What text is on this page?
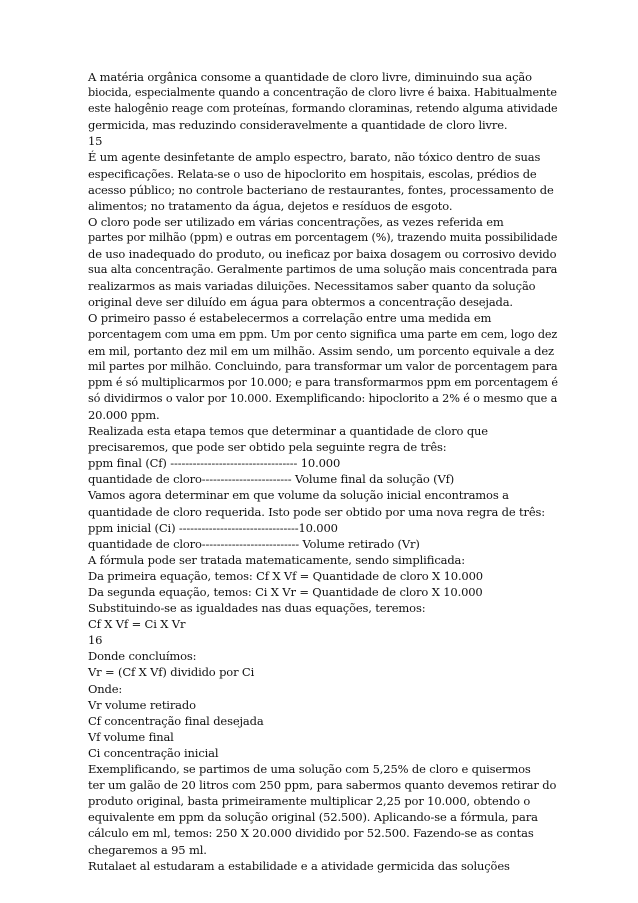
A matéria orgânica consome a quantidade de cloro livre, diminuindo sua ação
biocida, especialmente quando a concentração de cloro livre é baixa. Habitualmente
este halogênio reage com proteínas, formando cloraminas, retendo alguma atividade
germicida, mas reduzindo consideravelmente a quantidade de cloro livre.
15
É um agente desinfetante de amplo espectro, barato, não tóxico dentro de suas
especificações. Relata-se o uso de hipoclorito em hospitais, escolas, prédios de
acesso público; no controle bacteriano de restaurantes, fontes, processamento de
alimentos; no tratamento da água, dejetos e resíduos de esgoto.
O cloro pode ser utilizado em várias concentrações, as vezes referida em
partes por milhão (ppm) e outras em porcentagem (%), trazendo muita possibilidade
de uso inadequado do produto, ou ineficaz por baixa dosagem ou corrosivo devido
sua alta concentração. Geralmente partimos de uma solução mais concentrada para
realizarmos as mais variadas diluições. Necessitamos saber quanto da solução
original deve ser diluído em água para obtermos a concentração desejada.
O primeiro passo é estabelecermos a correlação entre uma medida em
porcentagem com uma em ppm. Um por cento significa uma parte em cem, logo dez
em mil, portanto dez mil em um milhão. Assim sendo, um porcento equivale a dez
mil partes por milhão. Concluindo, para transformar um valor de porcentagem para
ppm é só multiplicarmos por 10.000; e para transformarmos ppm em porcentagem é
só dividirmos o valor por 10.000. Exemplificando: hipoclorito a 2% é o mesmo que a
20.000 ppm.
Realizada esta etapa temos que determinar a quantidade de cloro que
precisaremos, que pode ser obtido pela seguinte regra de três:
ppm final (Cf) ---------------------------------- 10.000
quantidade de cloro------------------------ Volume final da solução (Vf)
Vamos agora determinar em que volume da solução inicial encontramos a
quantidade de cloro requerida. Isto pode ser obtido por uma nova regra de três:
ppm inicial (Ci) --------------------------------10.000
quantidade de cloro-------------------------- Volume retirado (Vr)
A fórmula pode ser tratada matematicamente, sendo simplificada:
Da primeira equação, temos: Cf X Vf = Quantidade de cloro X 10.000
Da segunda equação, temos: Ci X Vr = Quantidade de cloro X 10.000
Substituindo-se as igualdades nas duas equações, teremos:
Cf X Vf = Ci X Vr
16
Donde concluímos:
Vr = (Cf X Vf) dividido por Ci
Onde:
Vr volume retirado
Cf concentração final desejada
Vf volume final
Ci concentração inicial
Exemplificando, se partimos de uma solução com 5,25% de cloro e quisermos
ter um galão de 20 litros com 250 ppm, para sabermos quanto devemos retirar do
produto original, basta primeiramente multiplicar 2,25 por 10.000, obtendo o
equivalente em ppm da solução original (52.500). Aplicando-se a fórmula, para
cálculo em ml, temos: 250 X 20.000 dividido por 52.500. Fazendo-se as contas
chegaremos a 95 ml.
Rutalaet al estudaram a estabilidade e a atividade germicida das soluções
